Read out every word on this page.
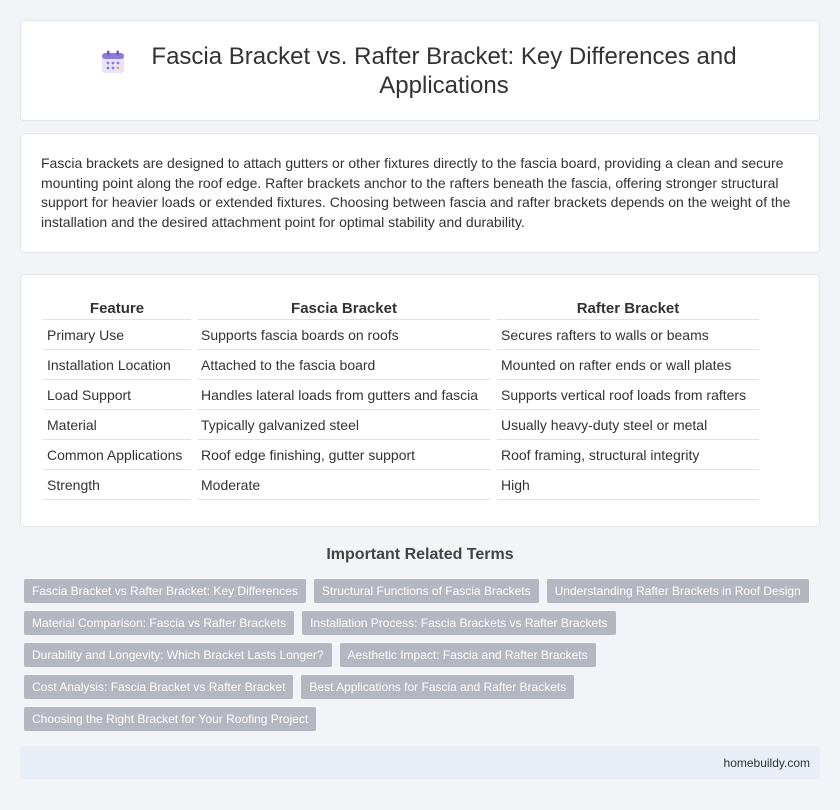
Fascia Bracket vs. Rafter Bracket: Key Differences and Applications

Fascia brackets are designed to attach gutters or other fixtures directly to the fascia board, providing a clean and secure mounting point along the roof edge. Rafter brackets anchor to the rafters beneath the fascia, offering stronger structural support for heavier loads or extended fixtures. Choosing between fascia and rafter brackets depends on the weight of the installation and the desired attachment point for optimal stability and durability.

Feature	Fascia Bracket	Rafter Bracket
Primary Use	Supports fascia boards on roofs	Secures rafters to walls or beams
Installation Location	Attached to the fascia board	Mounted on rafter ends or wall plates
Load Support	Handles lateral loads from gutters and fascia	Supports vertical roof loads from rafters
Material	Typically galvanized steel	Usually heavy-duty steel or metal
Common Applications	Roof edge finishing, gutter support	Roof framing, structural integrity
Strength	Moderate	High
Important Related Terms
Fascia Bracket vs Rafter Bracket: Key Differences	Structural Functions of Fascia Brackets	Understanding Rafter Brackets in Roof Design
Material Comparison: Fascia vs Rafter Brackets	Installation Process: Fascia Brackets vs Rafter Brackets
Durability and Longevity: Which Bracket Lasts Longer?	Aesthetic Impact: Fascia and Rafter Brackets
Cost Analysis: Fascia Bracket vs Rafter Bracket	Best Applications for Fascia and Rafter Brackets
Choosing the Right Bracket for Your Roofing Project
homebuildy.com
